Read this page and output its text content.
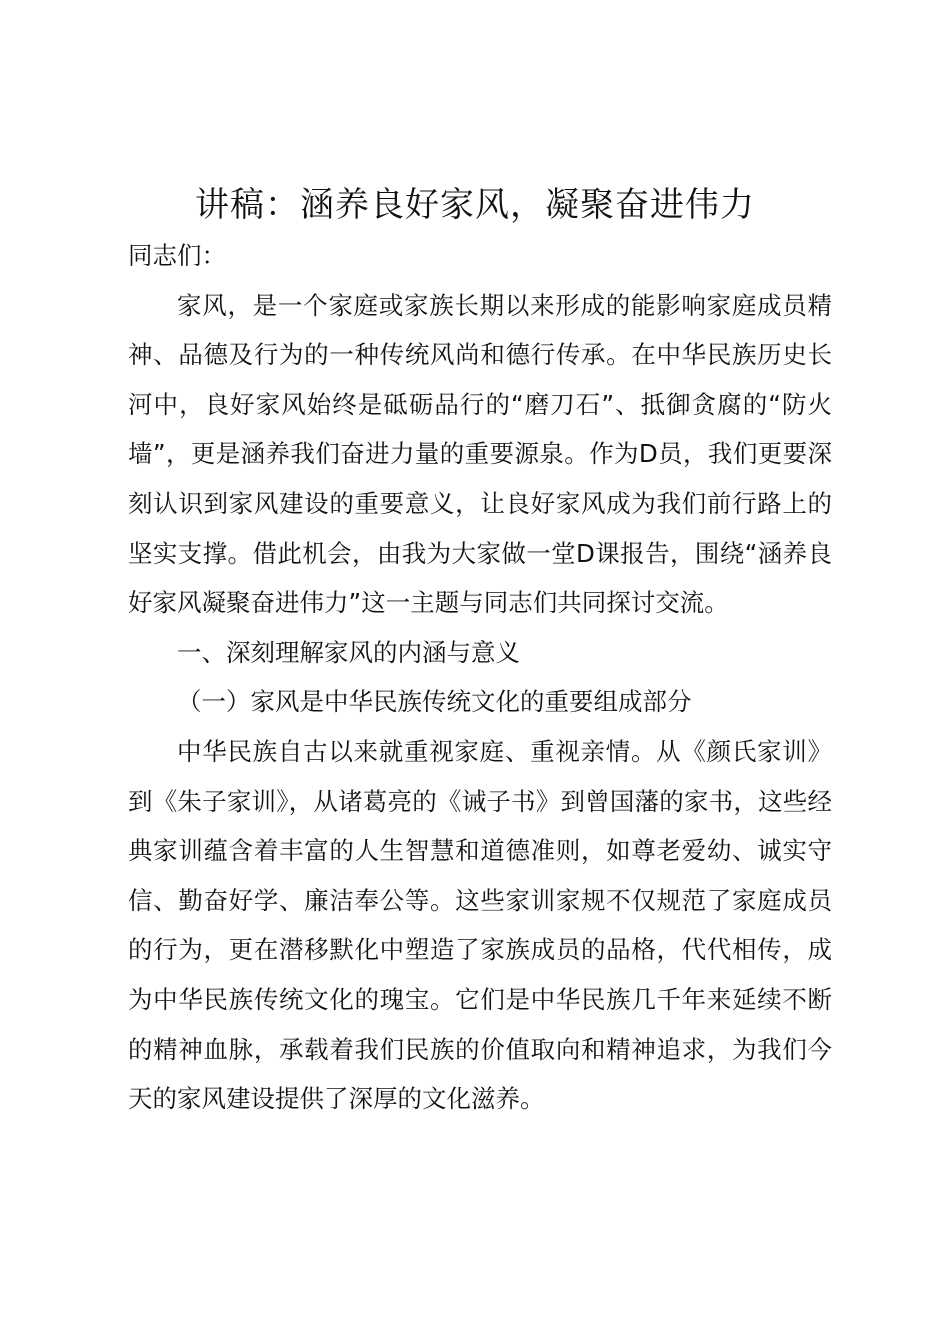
讲稿：涵养良好家风，凝聚奋进伟力

同志们：

家风，是一个家庭或家族长期以来形成的能影响家庭成员精神、品德及行为的一种传统风尚和德行传承。在中华民族历史长河中，良好家风始终是砥砺品行的“磨刀石”、抵御贪腐的“防火墙”，更是涵养我们奋进力量的重要源泉。作为D员，我们更要深刻认识到家风建设的重要意义，让良好家风成为我们前行路上的坚实支撑。借此机会，由我为大家做一堂D课报告，围绕“涵养良好家风凝聚奋进伟力”这一主题与同志们共同探讨交流。

一、深刻理解家风的内涵与意义

（一）家风是中华民族传统文化的重要组成部分

中华民族自古以来就重视家庭、重视亲情。从《颜氏家训》到《朱子家训》，从诸葛亮的《诫子书》到曾国藩的家书，这些经典家训蕴含着丰富的人生智慧和道德准则，如尊老爱幼、诚实守信、勤奋好学、廉洁奉公等。这些家训家规不仅规范了家庭成员的行为，更在潜移默化中塑造了家族成员的品格，代代相传，成为中华民族传统文化的瑰宝。它们是中华民族几千年来延续不断的精神血脉，承载着我们民族的价值取向和精神追求，为我们今天的家风建设提供了深厚的文化滋养。
